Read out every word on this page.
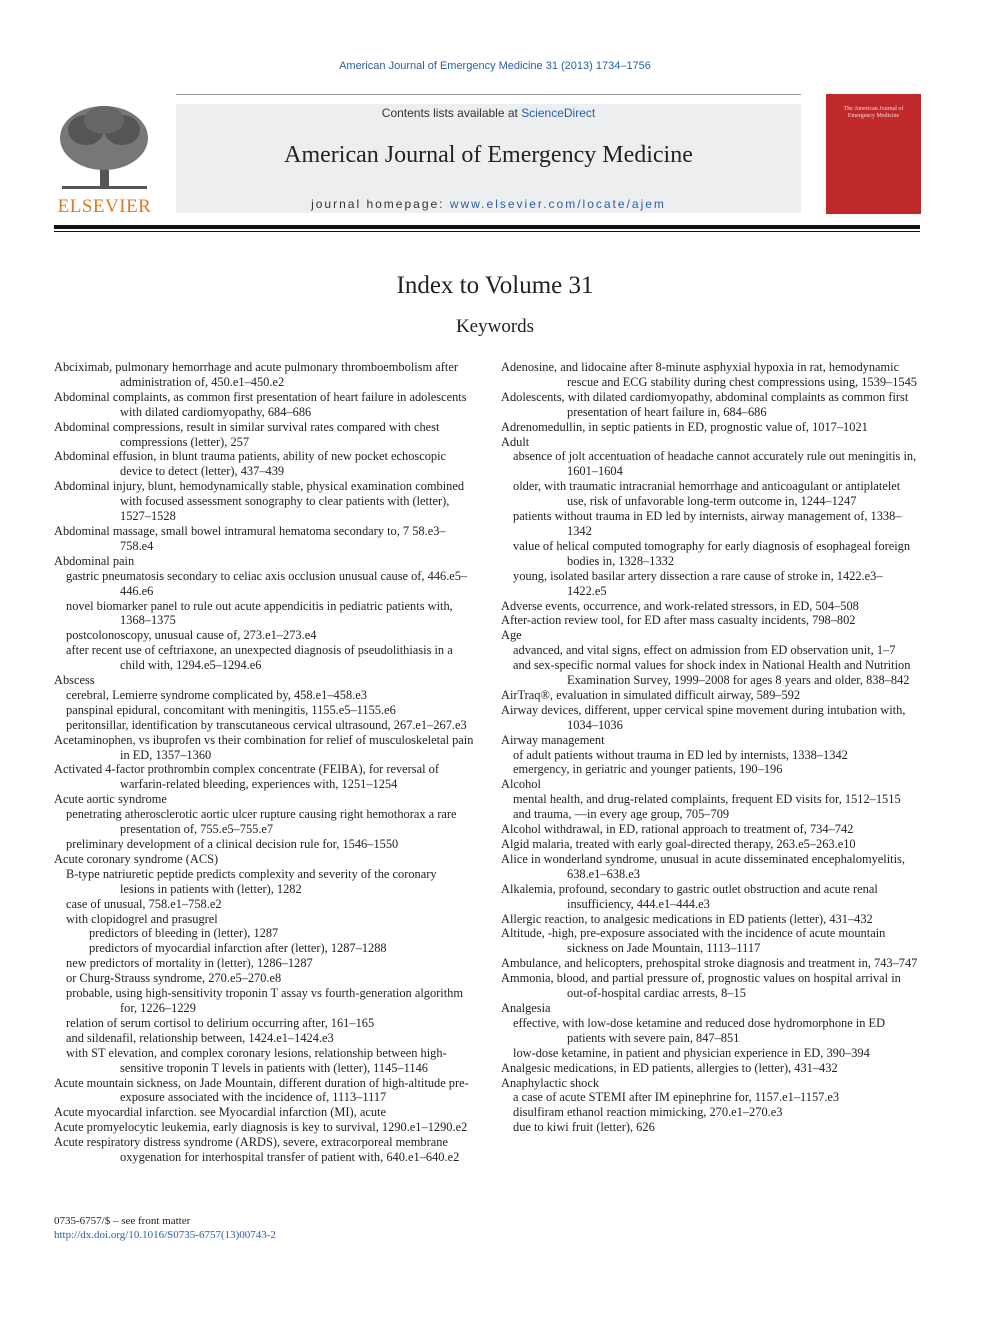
American Journal of Emergency Medicine 31 (2013) 1734–1756
ELSEVIER
Contents lists available at ScienceDirect
American Journal of Emergency Medicine
journal homepage: www.elsevier.com/locate/ajem
The American Journal of Emergency Medicine
Index to Volume 31
Keywords
Abciximab, pulmonary hemorrhage and acute pulmonary thromboembolism after administration of, 450.e1–450.e2
Abdominal complaints, as common first presentation of heart failure in adolescents with dilated cardiomyopathy, 684–686
Abdominal compressions, result in similar survival rates compared with chest compressions (letter), 257
Abdominal effusion, in blunt trauma patients, ability of new pocket echoscopic device to detect (letter), 437–439
Abdominal injury, blunt, hemodynamically stable, physical examination combined with focused assessment sonography to clear patients with (letter), 1527–1528
Abdominal massage, small bowel intramural hematoma secondary to, 7 58.e3–758.e4
Abdominal pain
gastric pneumatosis secondary to celiac axis occlusion unusual cause of, 446.e5–446.e6
novel biomarker panel to rule out acute appendicitis in pediatric patients with, 1368–1375
postcolonoscopy, unusual cause of, 273.e1–273.e4
after recent use of ceftriaxone, an unexpected diagnosis of pseudolithiasis in a child with, 1294.e5–1294.e6
Abscess
cerebral, Lemierre syndrome complicated by, 458.e1–458.e3
panspinal epidural, concomitant with meningitis, 1155.e5–1155.e6
peritonsillar, identification by transcutaneous cervical ultrasound, 267.e1–267.e3
Acetaminophen, vs ibuprofen vs their combination for relief of musculoskeletal pain in ED, 1357–1360
Activated 4-factor prothrombin complex concentrate (FEIBA), for reversal of warfarin-related bleeding, experiences with, 1251–1254
Acute aortic syndrome
penetrating atherosclerotic aortic ulcer rupture causing right hemothorax a rare presentation of, 755.e5–755.e7
preliminary development of a clinical decision rule for, 1546–1550
Acute coronary syndrome (ACS)
B-type natriuretic peptide predicts complexity and severity of the coronary lesions in patients with (letter), 1282
case of unusual, 758.e1–758.e2
with clopidogrel and prasugrel
predictors of bleeding in (letter), 1287
predictors of myocardial infarction after (letter), 1287–1288
new predictors of mortality in (letter), 1286–1287
or Churg-Strauss syndrome, 270.e5–270.e8
probable, using high-sensitivity troponin T assay vs fourth-generation algorithm for, 1226–1229
relation of serum cortisol to delirium occurring after, 161–165
and sildenafil, relationship between, 1424.e1–1424.e3
with ST elevation, and complex coronary lesions, relationship between high-sensitive troponin T levels in patients with (letter), 1145–1146
Acute mountain sickness, on Jade Mountain, different duration of high-altitude pre-exposure associated with the incidence of, 1113–1117
Acute myocardial infarction. see Myocardial infarction (MI), acute
Acute promyelocytic leukemia, early diagnosis is key to survival, 1290.e1–1290.e2
Acute respiratory distress syndrome (ARDS), severe, extracorporeal membrane oxygenation for interhospital transfer of patient with, 640.e1–640.e2
Adenosine, and lidocaine after 8-minute asphyxial hypoxia in rat, hemodynamic rescue and ECG stability during chest compressions using, 1539–1545
Adolescents, with dilated cardiomyopathy, abdominal complaints as common first presentation of heart failure in, 684–686
Adrenomedullin, in septic patients in ED, prognostic value of, 1017–1021
Adult
absence of jolt accentuation of headache cannot accurately rule out meningitis in, 1601–1604
older, with traumatic intracranial hemorrhage and anticoagulant or antiplatelet use, risk of unfavorable long-term outcome in, 1244–1247
patients without trauma in ED led by internists, airway management of, 1338–1342
value of helical computed tomography for early diagnosis of esophageal foreign bodies in, 1328–1332
young, isolated basilar artery dissection a rare cause of stroke in, 1422.e3–1422.e5
Adverse events, occurrence, and work-related stressors, in ED, 504–508
After-action review tool, for ED after mass casualty incidents, 798–802
Age
advanced, and vital signs, effect on admission from ED observation unit, 1–7
and sex-specific normal values for shock index in National Health and Nutrition Examination Survey, 1999–2008 for ages 8 years and older, 838–842
AirTraq®, evaluation in simulated difficult airway, 589–592
Airway devices, different, upper cervical spine movement during intubation with, 1034–1036
Airway management
of adult patients without trauma in ED led by internists, 1338–1342
emergency, in geriatric and younger patients, 190–196
Alcohol
mental health, and drug-related complaints, frequent ED visits for, 1512–1515
and trauma, —in every age group, 705–709
Alcohol withdrawal, in ED, rational approach to treatment of, 734–742
Algid malaria, treated with early goal-directed therapy, 263.e5–263.e10
Alice in wonderland syndrome, unusual in acute disseminated encephalomyelitis, 638.e1–638.e3
Alkalemia, profound, secondary to gastric outlet obstruction and acute renal insufficiency, 444.e1–444.e3
Allergic reaction, to analgesic medications in ED patients (letter), 431–432
Altitude, -high, pre-exposure associated with the incidence of acute mountain sickness on Jade Mountain, 1113–1117
Ambulance, and helicopters, prehospital stroke diagnosis and treatment in, 743–747
Ammonia, blood, and partial pressure of, prognostic values on hospital arrival in out-of-hospital cardiac arrests, 8–15
Analgesia
effective, with low-dose ketamine and reduced dose hydromorphone in ED patients with severe pain, 847–851
low-dose ketamine, in patient and physician experience in ED, 390–394
Analgesic medications, in ED patients, allergies to (letter), 431–432
Anaphylactic shock
a case of acute STEMI after IM epinephrine for, 1157.e1–1157.e3
disulfiram ethanol reaction mimicking, 270.e1–270.e3
due to kiwi fruit (letter), 626
0735-6757/$ – see front matter
http://dx.doi.org/10.1016/S0735-6757(13)00743-2
